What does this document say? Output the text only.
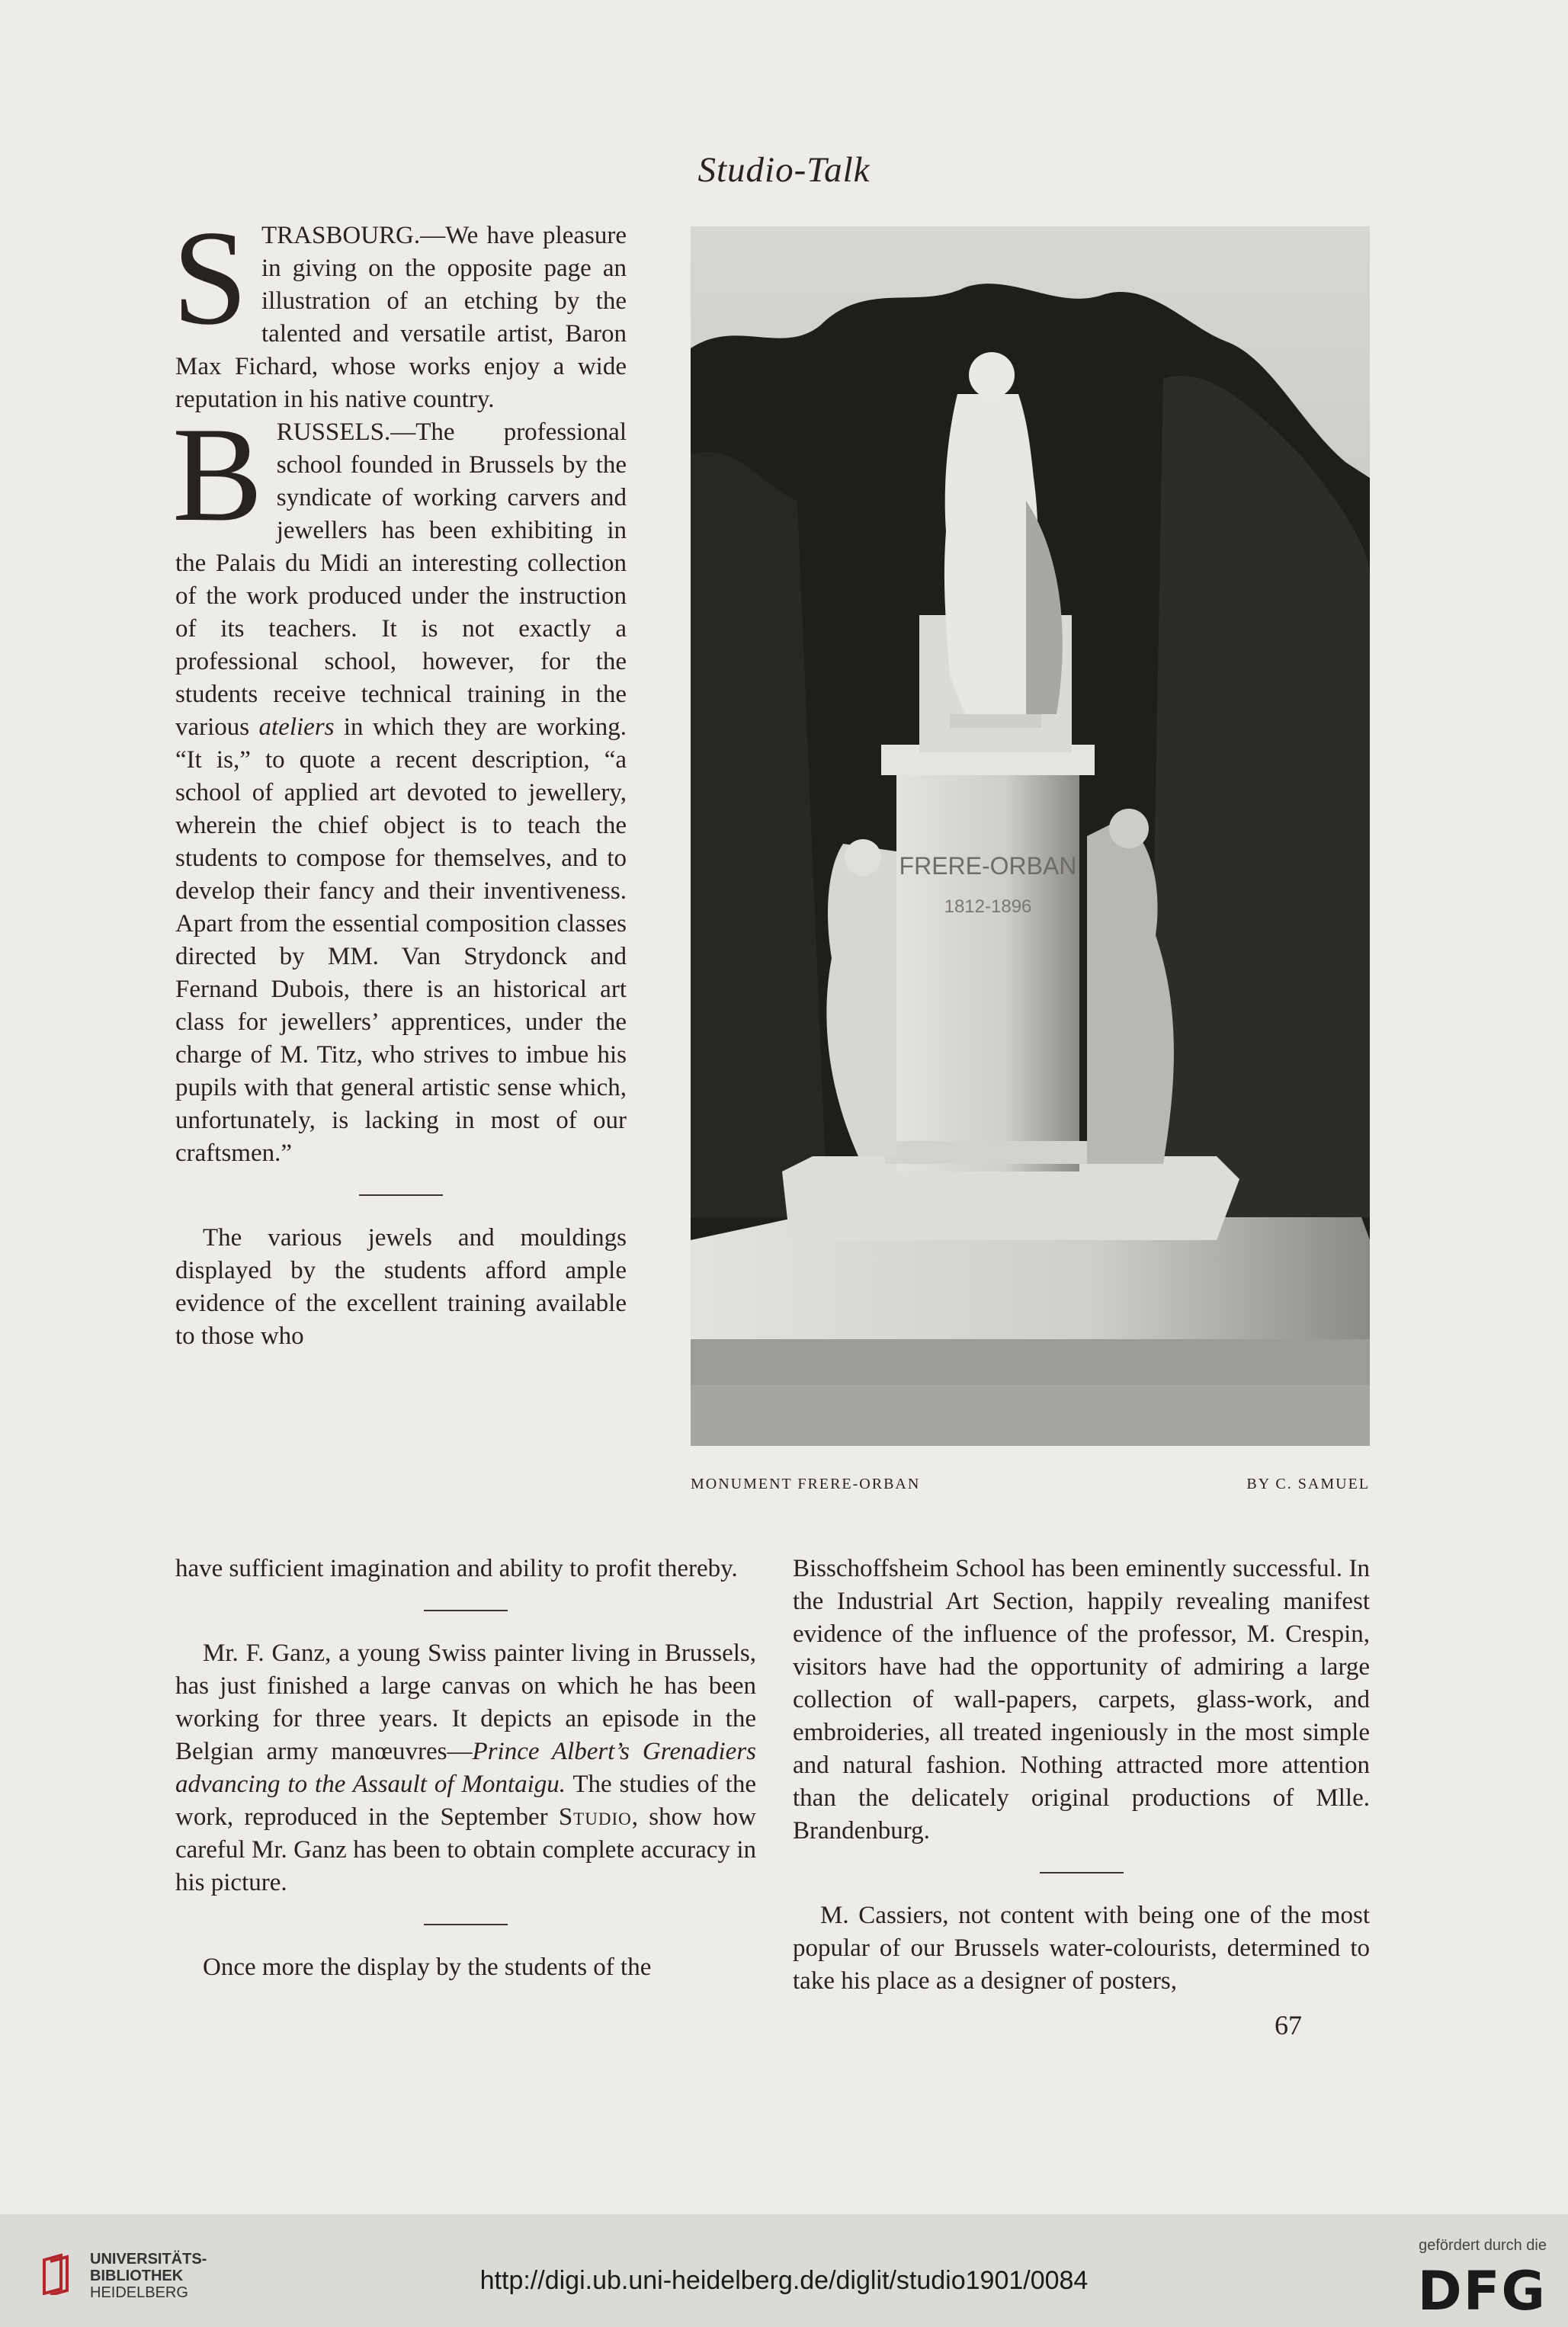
Studio-Talk

STRASBOURG.—We have pleasure in giving on the opposite page an illustration of an etching by the talented and versatile artist, Baron Max Fichard, whose works enjoy a wide reputation in his native country.

BRUSSELS.—The professional school founded in Brussels by the syndicate of working carvers and jewellers has been exhibiting in the Palais du Midi an interesting collection of the work produced under the instruction of its teachers. It is not exactly a professional school, however, for the students receive technical training in the various ateliers in which they are working. “It is,” to quote a recent description, “a school of applied art devoted to jewellery, wherein the chief object is to teach the students to compose for themselves, and to develop their fancy and their inventiveness. Apart from the essential composition classes directed by MM. Van Strydonck and Fernand Dubois, there is an historical art class for jewellers’ apprentices, under the charge of M. Titz, who strives to imbue his pupils with that general artistic sense which, unfortunately, is lacking in most of our craftsmen.”

The various jewels and mouldings displayed by the students afford ample evidence of the excellent training available to those who

FRERE-ORBAN
1812-1896
MONUMENT FRERE-ORBAN	BY C. SAMUEL

have sufficient imagination and ability to profit thereby.

Mr. F. Ganz, a young Swiss painter living in Brussels, has just finished a large canvas on which he has been working for three years. It depicts an episode in the Belgian army manœuvres—Prince Albert’s Grenadiers advancing to the Assault of Montaigu. The studies of the work, reproduced in the September Studio, show how careful Mr. Ganz has been to obtain complete accuracy in his picture.

Once more the display by the students of the

Bisschoffsheim School has been eminently successful. In the Industrial Art Section, happily revealing manifest evidence of the influence of the professor, M. Crespin, visitors have had the opportunity of admiring a large collection of wall-papers, carpets, glass-work, and embroideries, all treated ingeniously in the most simple and natural fashion. Nothing attracted more attention than the delicately original productions of Mlle. Brandenburg.

M. Cassiers, not content with being one of the most popular of our Brussels water-colourists, determined to take his place as a designer of posters,

67
UNIVERSITÄTS-
BIBLIOTHEK
HEIDELBERG	http://digi.ub.uni-heidelberg.de/diglit/studio1901/0084
gefördert durch die
DFG
